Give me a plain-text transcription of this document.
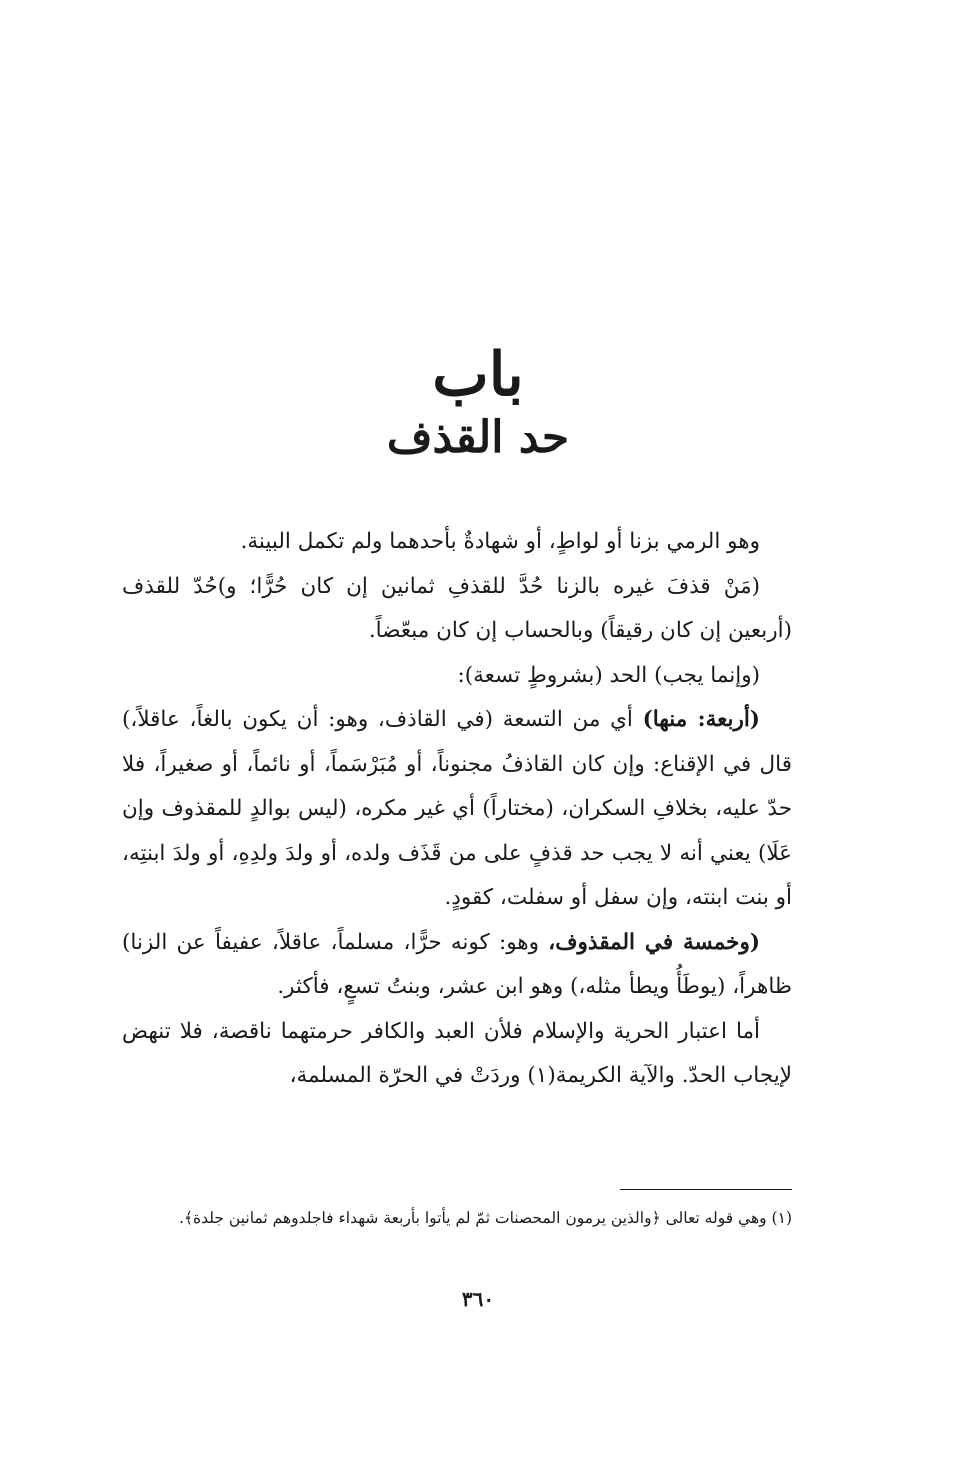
باب
حد القذف

وهو الرمي بزنا أو لواطٍ، أو شهادةٌ بأحدهما ولم تكمل البينة.

(مَنْ قذفَ غيره بالزنا حُدَّ للقذفِ ثمانين إن كان حُرًّا؛ و)حُدّ للقذف (أربعين إن كان رقيقاً) وبالحساب إن كان مبعّضاً.

(وإنما يجب) الحد (بشروطٍ تسعة):

(أربعة: منها) أي من التسعة (في القاذف، وهو: أن يكون بالغاً، عاقلاً،) قال في الإقناع: وإن كان القاذفُ مجنوناً، أو مُبَرْسَماً، أو نائماً، أو صغيراً، فلا حدّ عليه، بخلافِ السكران، (مختاراً) أي غير مكره، (ليس بوالدٍ للمقذوف وإن عَلَا) يعني أنه لا يجب حد قذفٍ على من قَذَف ولده، أو ولدَ ولدِهِ، أو ولدَ ابنتِه، أو بنت ابنته، وإن سفل أو سفلت، كقودٍ.

(وخمسة في المقذوف، وهو: كونه حرًّا، مسلماً، عاقلاً، عفيفاً عن الزنا) ظاهراً، (يوطَأُ ويطأ مثله،) وهو ابن عشر، وبنتُ تسعٍ، فأكثر.

أما اعتبار الحرية والإسلام فلأن العبد والكافر حرمتهما ناقصة، فلا تنهض لإيجاب الحدّ. والآية الكريمة(١) وردَتْ في الحرّة المسلمة،

(١) وهي قوله تعالى ﴿والذين يرمون المحصنات ثمّ لم يأتوا بأربعة شهداء فاجلدوهم ثمانين جلدة﴾.
٣٦٠
